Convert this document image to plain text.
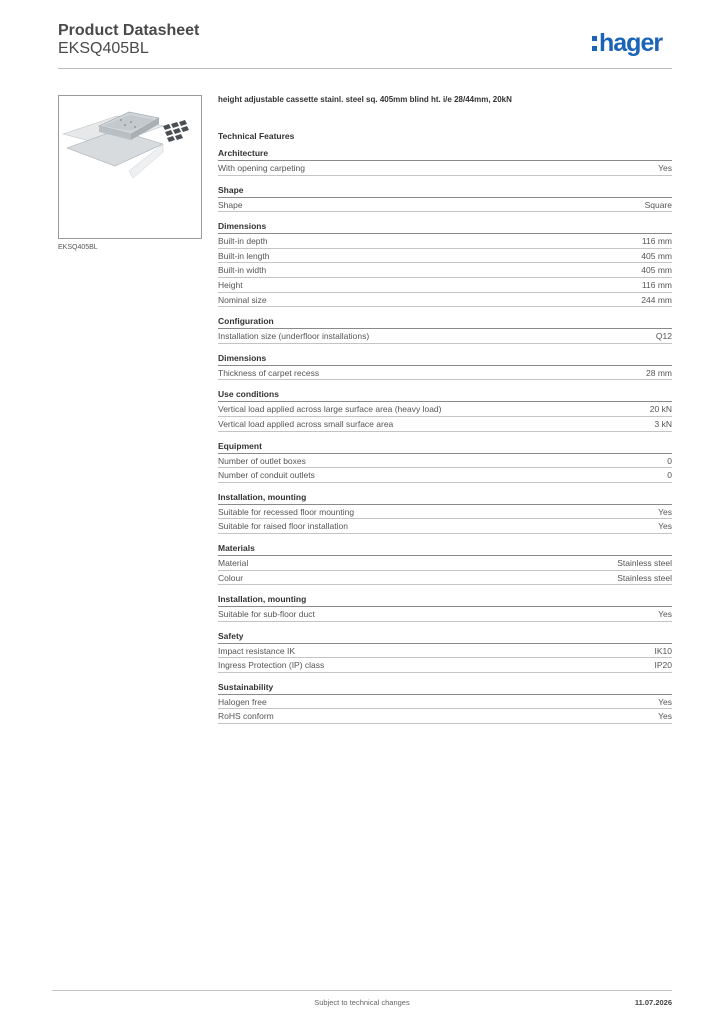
Product Datasheet
EKSQ405BL	hager
EKSQ405BL
height adjustable cassette stainl. steel sq. 405mm blind ht. i/e 28/44mm, 20kN
Technical Features
Architecture
With opening carpeting	Yes
Shape
Shape	Square
Dimensions
Built-in depth	116 mm
Built-in length	405 mm
Built-in width	405 mm
Height	116 mm
Nominal size	244 mm
Configuration
Installation size (underfloor installations)	Q12
Dimensions
Thickness of carpet recess	28 mm
Use conditions
Vertical load applied across large surface area (heavy load)	20 kN
Vertical load applied across small surface area	3 kN
Equipment
Number of outlet boxes	0
Number of conduit outlets	0
Installation, mounting
Suitable for recessed floor mounting	Yes
Suitable for raised floor installation	Yes
Materials
Material	Stainless steel
Colour	Stainless steel
Installation, mounting
Suitable for sub-floor duct	Yes
Safety
Impact resistance IK	IK10
Ingress Protection (IP) class	IP20
Sustainability
Halogen free	Yes
RoHS conform	Yes
Subject to technical changes	11.07.2026
